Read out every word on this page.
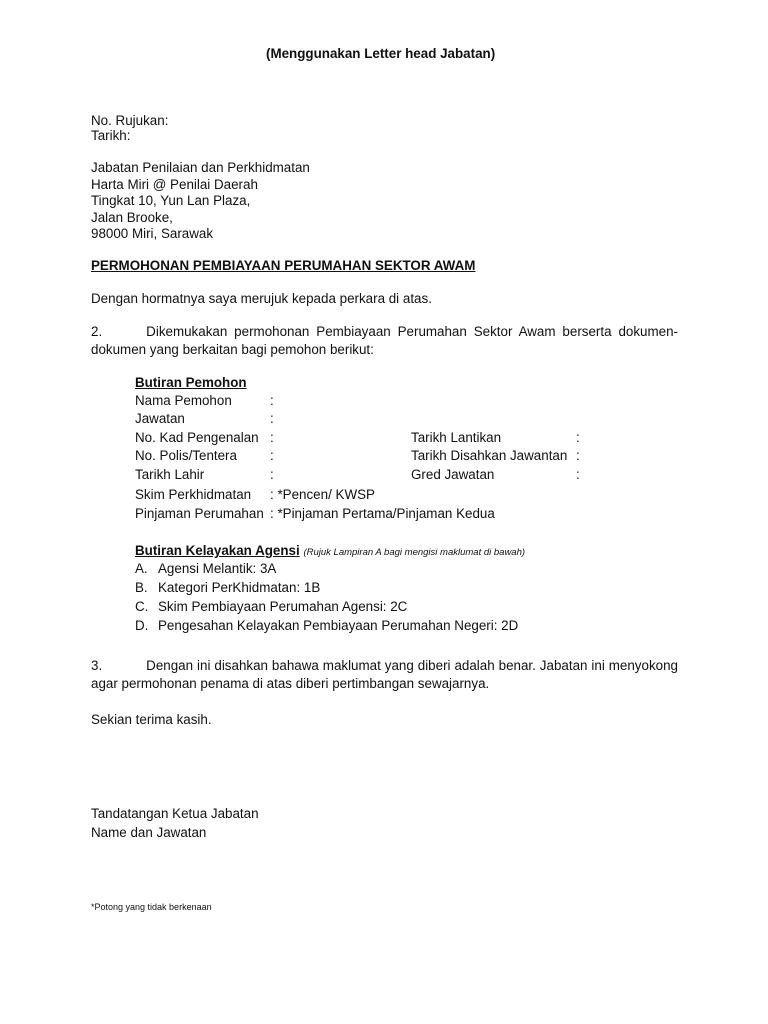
(Menggunakan Letter head Jabatan)
No. Rujukan:
Tarikh:
Jabatan Penilaian dan Perkhidmatan
Harta Miri @ Penilai Daerah
Tingkat 10, Yun Lan Plaza,
Jalan Brooke,
98000 Miri, Sarawak
PERMOHONAN PEMBIAYAAN PERUMAHAN SEKTOR AWAM
Dengan hormatnya saya merujuk kepada perkara di atas.
2.	Dikemukakan permohonan Pembiayaan Perumahan Sektor Awam berserta dokumen-dokumen yang berkaitan bagi pemohon berikut:
Butiran Pemohon
Nama Pemohon	:
Jawatan	:
No. Kad Pengenalan :	Tarikh Lantikan	:
No. Polis/Tentera :	Tarikh Disahkan Jawantan :
Tarikh Lahir	:	Gred Jawatan	:
Skim Perkhidmatan : *Pencen/ KWSP
Pinjaman Perumahan : *Pinjaman Pertama/Pinjaman Kedua
Butiran Kelayakan Agensi (Rujuk Lampiran A bagi mengisi maklumat di bawah)
A. Agensi Melantik: 3A
B. Kategori PerKhidmatan: 1B
C. Skim Pembiayaan Perumahan Agensi: 2C
D. Pengesahan Kelayakan Pembiayaan Perumahan Negeri: 2D
3.	Dengan ini disahkan bahawa maklumat yang diberi adalah benar. Jabatan ini menyokong agar permohonan penama di atas diberi pertimbangan sewajarnya.
Sekian terima kasih.
Tandatangan Ketua Jabatan
Name dan Jawatan
*Potong yang tidak berkenaan
